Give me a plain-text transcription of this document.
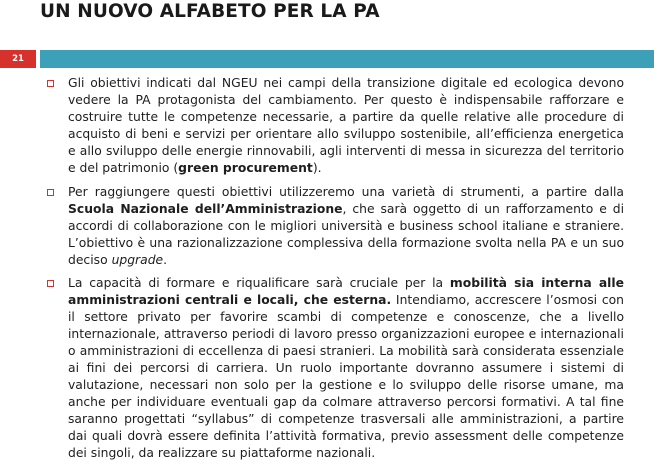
UN NUOVO ALFABETO PER LA PA
21
Gli obiettivi indicati dal NGEU nei campi della transizione digitale ed ecologica devono vedere la PA protagonista del cambiamento. Per questo è indispensabile rafforzare e costruire tutte le competenze necessarie, a partire da quelle relative alle procedure di acquisto di beni e servizi per orientare allo sviluppo sostenibile, all’efficienza energetica e allo sviluppo delle energie rinnovabili, agli interventi di messa in sicurezza del territorio e del patrimonio (green procurement).
Per raggiungere questi obiettivi utilizzeremo una varietà di strumenti, a partire dalla Scuola Nazionale dell’Amministrazione, che sarà oggetto di un rafforzamento e di accordi di collaborazione con le migliori università e business school italiane e straniere. L’obiettivo è una razionalizzazione complessiva della formazione svolta nella PA e un suo deciso upgrade.
La capacità di formare e riqualificare sarà cruciale per la mobilità sia interna alle amministrazioni centrali e locali, che esterna. Intendiamo, accrescere l’osmosi con il settore privato per favorire scambi di competenze e conoscenze, che a livello internazionale, attraverso periodi di lavoro presso organizzazioni europee e internazionali o amministrazioni di eccellenza di paesi stranieri. La mobilità sarà considerata essenziale ai fini dei percorsi di carriera. Un ruolo importante dovranno assumere i sistemi di valutazione, necessari non solo per la gestione e lo sviluppo delle risorse umane, ma anche per individuare eventuali gap da colmare attraverso percorsi formativi. A tal fine saranno progettati “syllabus” di competenze trasversali alle amministrazioni, a partire dai quali dovrà essere definita l’attività formativa, previo assessment delle competenze dei singoli, da realizzare su piattaforme nazionali.
